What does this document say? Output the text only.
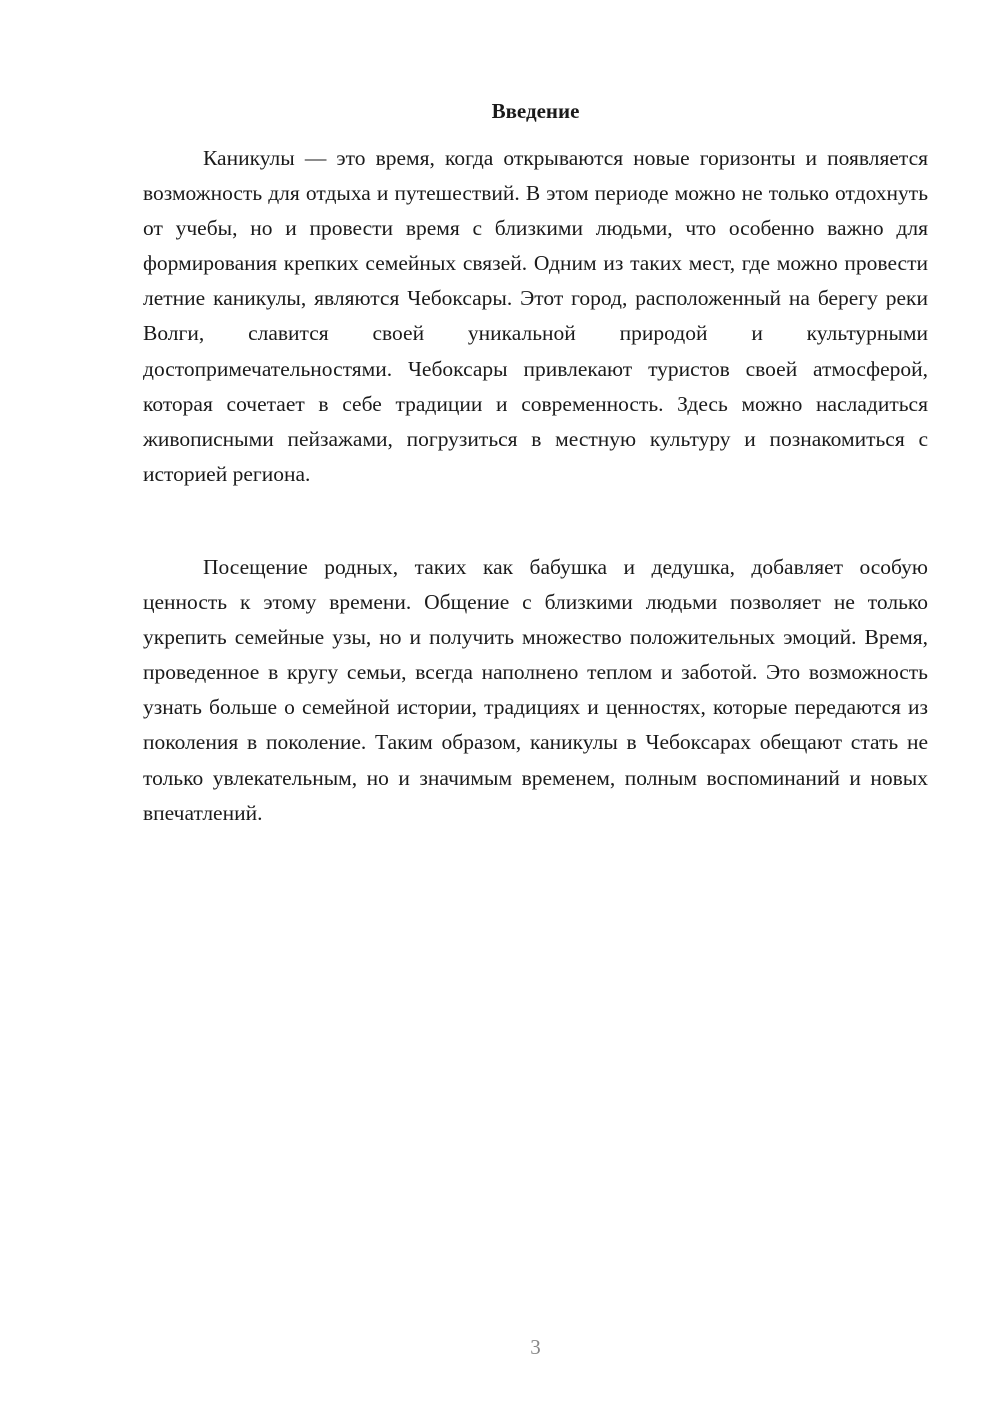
Введение

Каникулы — это время, когда открываются новые горизонты и появляется возможность для отдыха и путешествий. В этом периоде можно не только отдохнуть от учебы, но и провести время с близкими людьми, что особенно важно для формирования крепких семейных связей. Одним из таких мест, где можно провести летние каникулы, являются Чебоксары. Этот город, расположенный на берегу реки Волги, славится своей уникальной природой и культурными достопримечательностями. Чебоксары привлекают туристов своей атмосферой, которая сочетает в себе традиции и современность. Здесь можно насладиться живописными пейзажами, погрузиться в местную культуру и познакомиться с историей региона.

Посещение родных, таких как бабушка и дедушка, добавляет особую ценность к этому времени. Общение с близкими людьми позволяет не только укрепить семейные узы, но и получить множество положительных эмоций. Время, проведенное в кругу семьи, всегда наполнено теплом и заботой. Это возможность узнать больше о семейной истории, традициях и ценностях, которые передаются из поколения в поколение. Таким образом, каникулы в Чебоксарах обещают стать не только увлекательным, но и значимым временем, полным воспоминаний и новых впечатлений.

3
